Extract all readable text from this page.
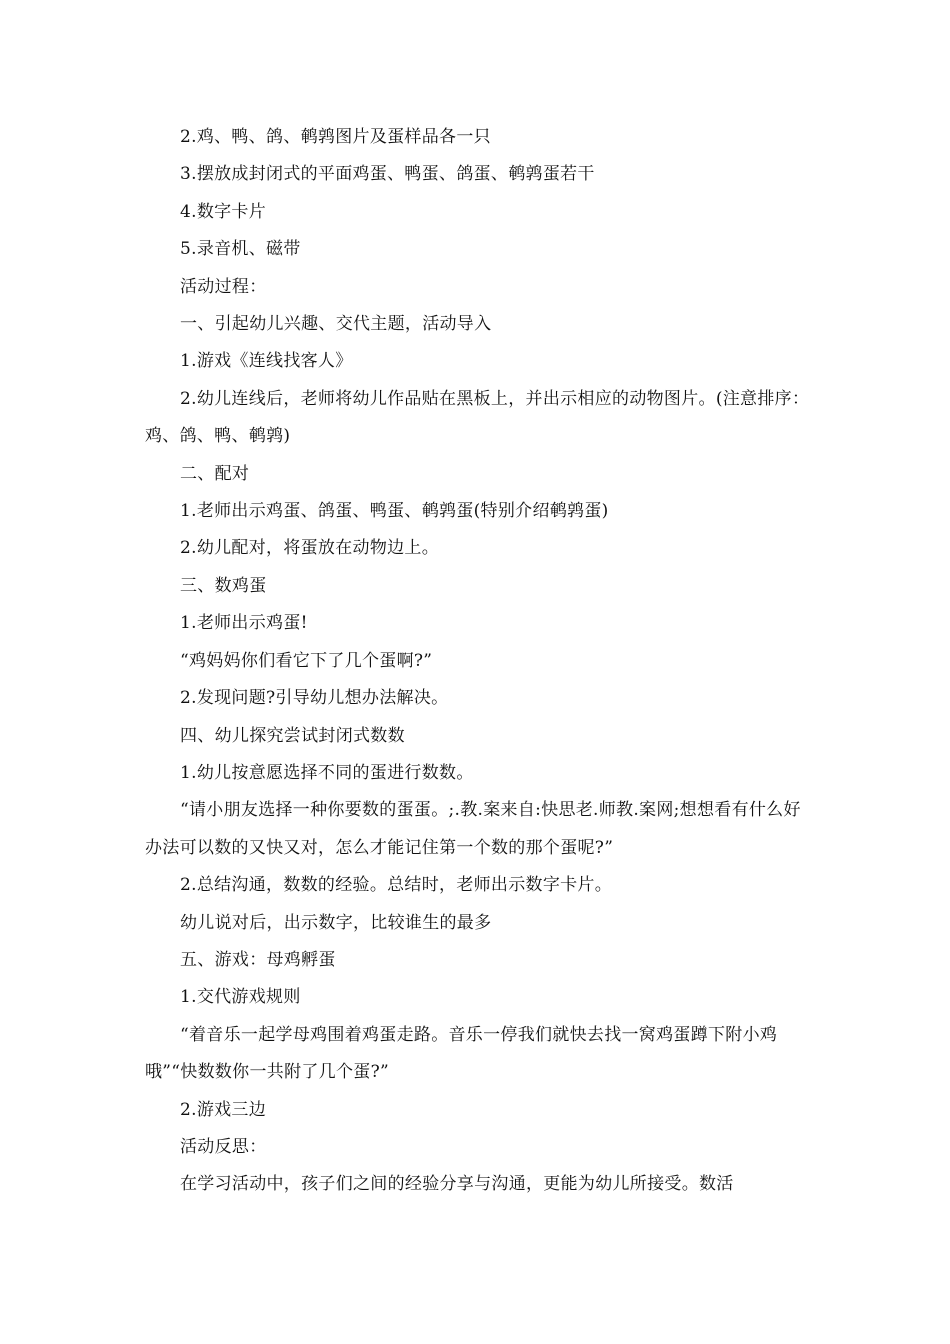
2.鸡、鸭、鸽、鹌鹑图片及蛋样品各一只

3.摆放成封闭式的平面鸡蛋、鸭蛋、鸽蛋、鹌鹑蛋若干

4.数字卡片

5.录音机、磁带

活动过程：

一、引起幼儿兴趣、交代主题，活动导入

1.游戏《连线找客人》

2.幼儿连线后，老师将幼儿作品贴在黑板上，并出示相应的动物图片。(注意排序：鸡、鸽、鸭、鹌鹑)

二、配对

1.老师出示鸡蛋、鸽蛋、鸭蛋、鹌鹑蛋(特别介绍鹌鹑蛋)

2.幼儿配对，将蛋放在动物边上。

三、数鸡蛋

1.老师出示鸡蛋!

“鸡妈妈你们看它下了几个蛋啊?”

2.发现问题?引导幼儿想办法解决。

四、幼儿探究尝试封闭式数数

1.幼儿按意愿选择不同的蛋进行数数。

“请小朋友选择一种你要数的蛋蛋。;.教.案来自:快思老.师教.案网;想想看有什么好办法可以数的又快又对，怎么才能记住第一个数的那个蛋呢?”

2.总结沟通，数数的经验。总结时，老师出示数字卡片。

幼儿说对后，出示数字，比较谁生的最多

五、游戏：母鸡孵蛋

1.交代游戏规则

“着音乐一起学母鸡围着鸡蛋走路。音乐一停我们就快去找一窝鸡蛋蹲下附小鸡哦”“快数数你一共附了几个蛋?”

2.游戏三边

活动反思：

在学习活动中，孩子们之间的经验分享与沟通，更能为幼儿所接受。数活
